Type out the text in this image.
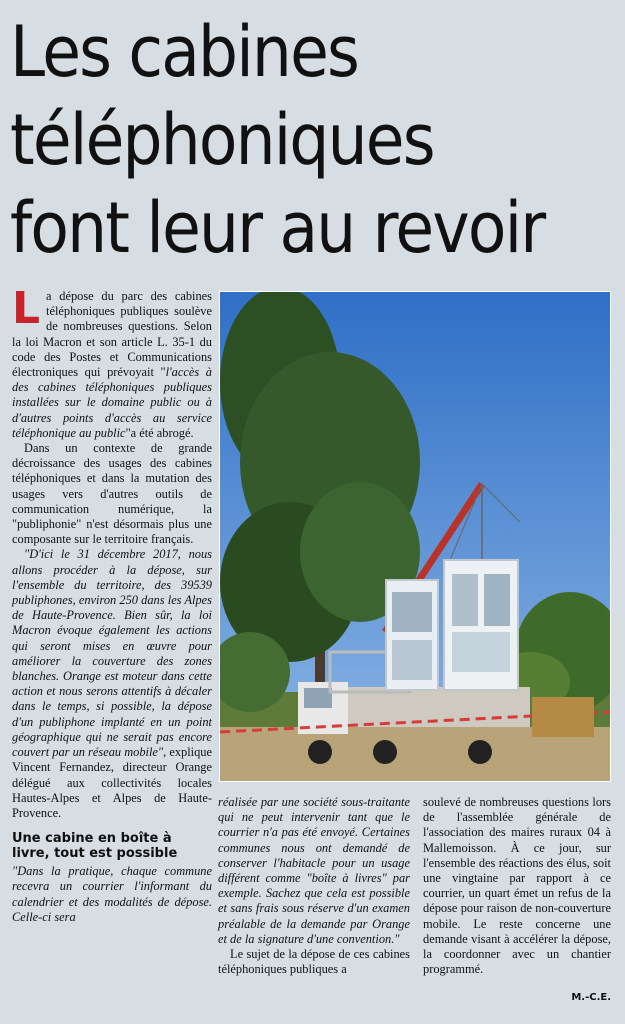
Les cabines
téléphoniques
font leur au revoir

La dépose du parc des cabines téléphoniques publiques soulève de nombreuses questions. Selon la loi Macron et son article L. 35-1 du code des Postes et Communications électroniques qui prévoyait "l'accès à des cabines téléphoniques publiques installées sur le domaine public ou à d'autres points d'accès au service téléphonique au public"a été abrogé.

Dans un contexte de grande décroissance des usages des cabines téléphoniques et dans la mutation des usages vers d'autres outils de communication numérique, la "publiphonie" n'est désormais plus une composante sur le territoire français.

"D'ici le 31 décembre 2017, nous allons procéder à la dépose, sur l'ensemble du territoire, des 39539 publiphones, environ 250 dans les Alpes de Haute-Provence. Bien sûr, la loi Macron évoque également les actions qui seront mises en œuvre pour améliorer la couverture des zones blanches. Orange est moteur dans cette action et nous serons attentifs à décaler dans le temps, si possible, la dépose d'un publiphone implanté en un point géographique qui ne serait pas encore couvert par un réseau mobile", explique Vincent Fernandez, directeur Orange délégué aux collectivités locales Hautes-Alpes et Alpes de Haute-Provence.

Une cabine en boîte à livre, tout est possible

"Dans la pratique, chaque commune recevra un courrier l'informant du calendrier et des modalités de dépose. Celle-ci sera

réalisée par une société sous-traitante qui ne peut intervenir tant que le courrier n'a pas été envoyé. Certaines communes nous ont demandé de conserver l'habitacle pour un usage différent comme "boîte à livres" par exemple. Sachez que cela est possible et sans frais sous réserve d'un examen préalable de la demande par Orange et de la signature d'une convention."

Le sujet de la dépose de ces cabines téléphoniques publiques a

soulevé de nombreuses questions lors de l'assemblée générale de l'association des maires ruraux 04 à Mallemoisson. À ce jour, sur l'ensemble des réactions des élus, soit une vingtaine par rapport à ce courrier, un quart émet un refus de la dépose pour raison de non-couverture mobile. Le reste concerne une demande visant à accélérer la dépose, la coordonner avec un chantier programmé.

M.-C.E.
